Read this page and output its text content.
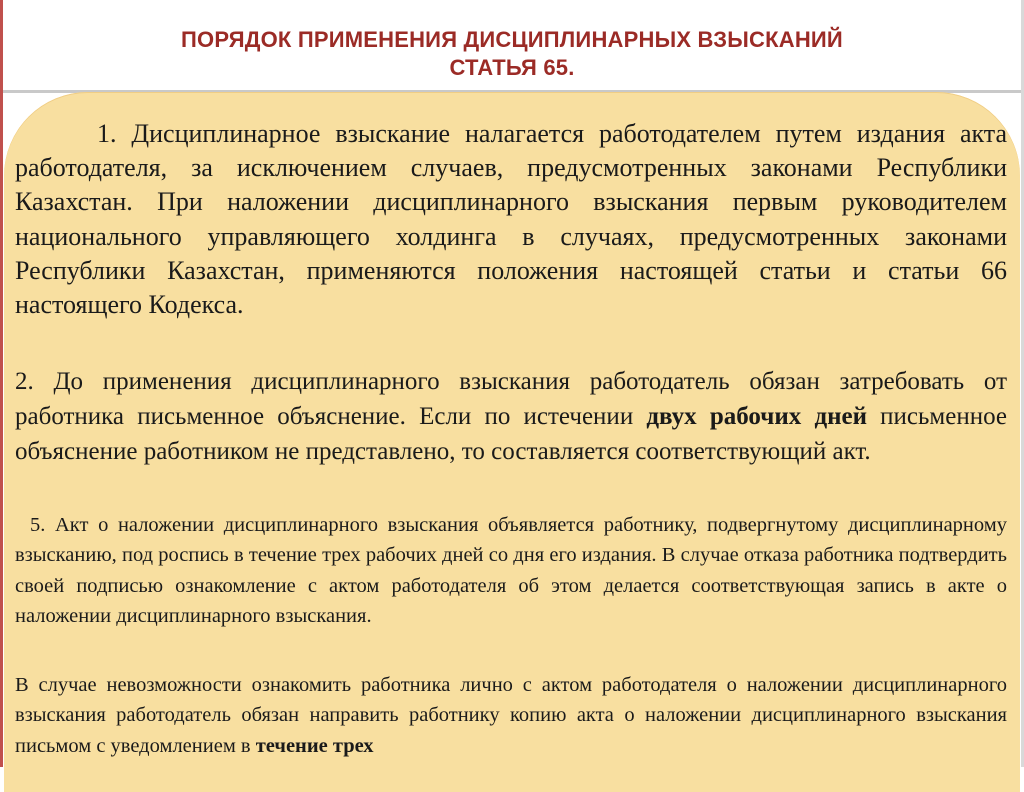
ПОРЯДОК ПРИМЕНЕНИЯ ДИСЦИПЛИНАРНЫХ ВЗЫСКАНИЙ
СТАТЬЯ 65.
1. Дисциплинарное взыскание налагается работодателем путем издания акта работодателя, за исключением случаев, предусмотренных законами Республики Казахстан. При наложении дисциплинарного взыскания первым руководителем национального управляющего холдинга в случаях, предусмотренных законами Республики Казахстан, применяются положения настоящей статьи и статьи 66 настоящего Кодекса.
2. До применения дисциплинарного взыскания работодатель обязан затребовать от работника письменное объяснение. Если по истечении двух рабочих дней письменное объяснение работником не представлено, то составляется соответствующий акт.
5. Акт о наложении дисциплинарного взыскания объявляется работнику, подвергнутому дисциплинарному взысканию, под роспись в течение трех рабочих дней со дня его издания. В случае отказа работника подтвердить своей подписью ознакомление с актом работодателя об этом делается соответствующая запись в акте о наложении дисциплинарного взыскания.
В случае невозможности ознакомить работника лично с актом работодателя о наложении дисциплинарного взыскания работодатель обязан направить работнику копию акта о наложении дисциплинарного взыскания письмом с уведомлением в течение трех
